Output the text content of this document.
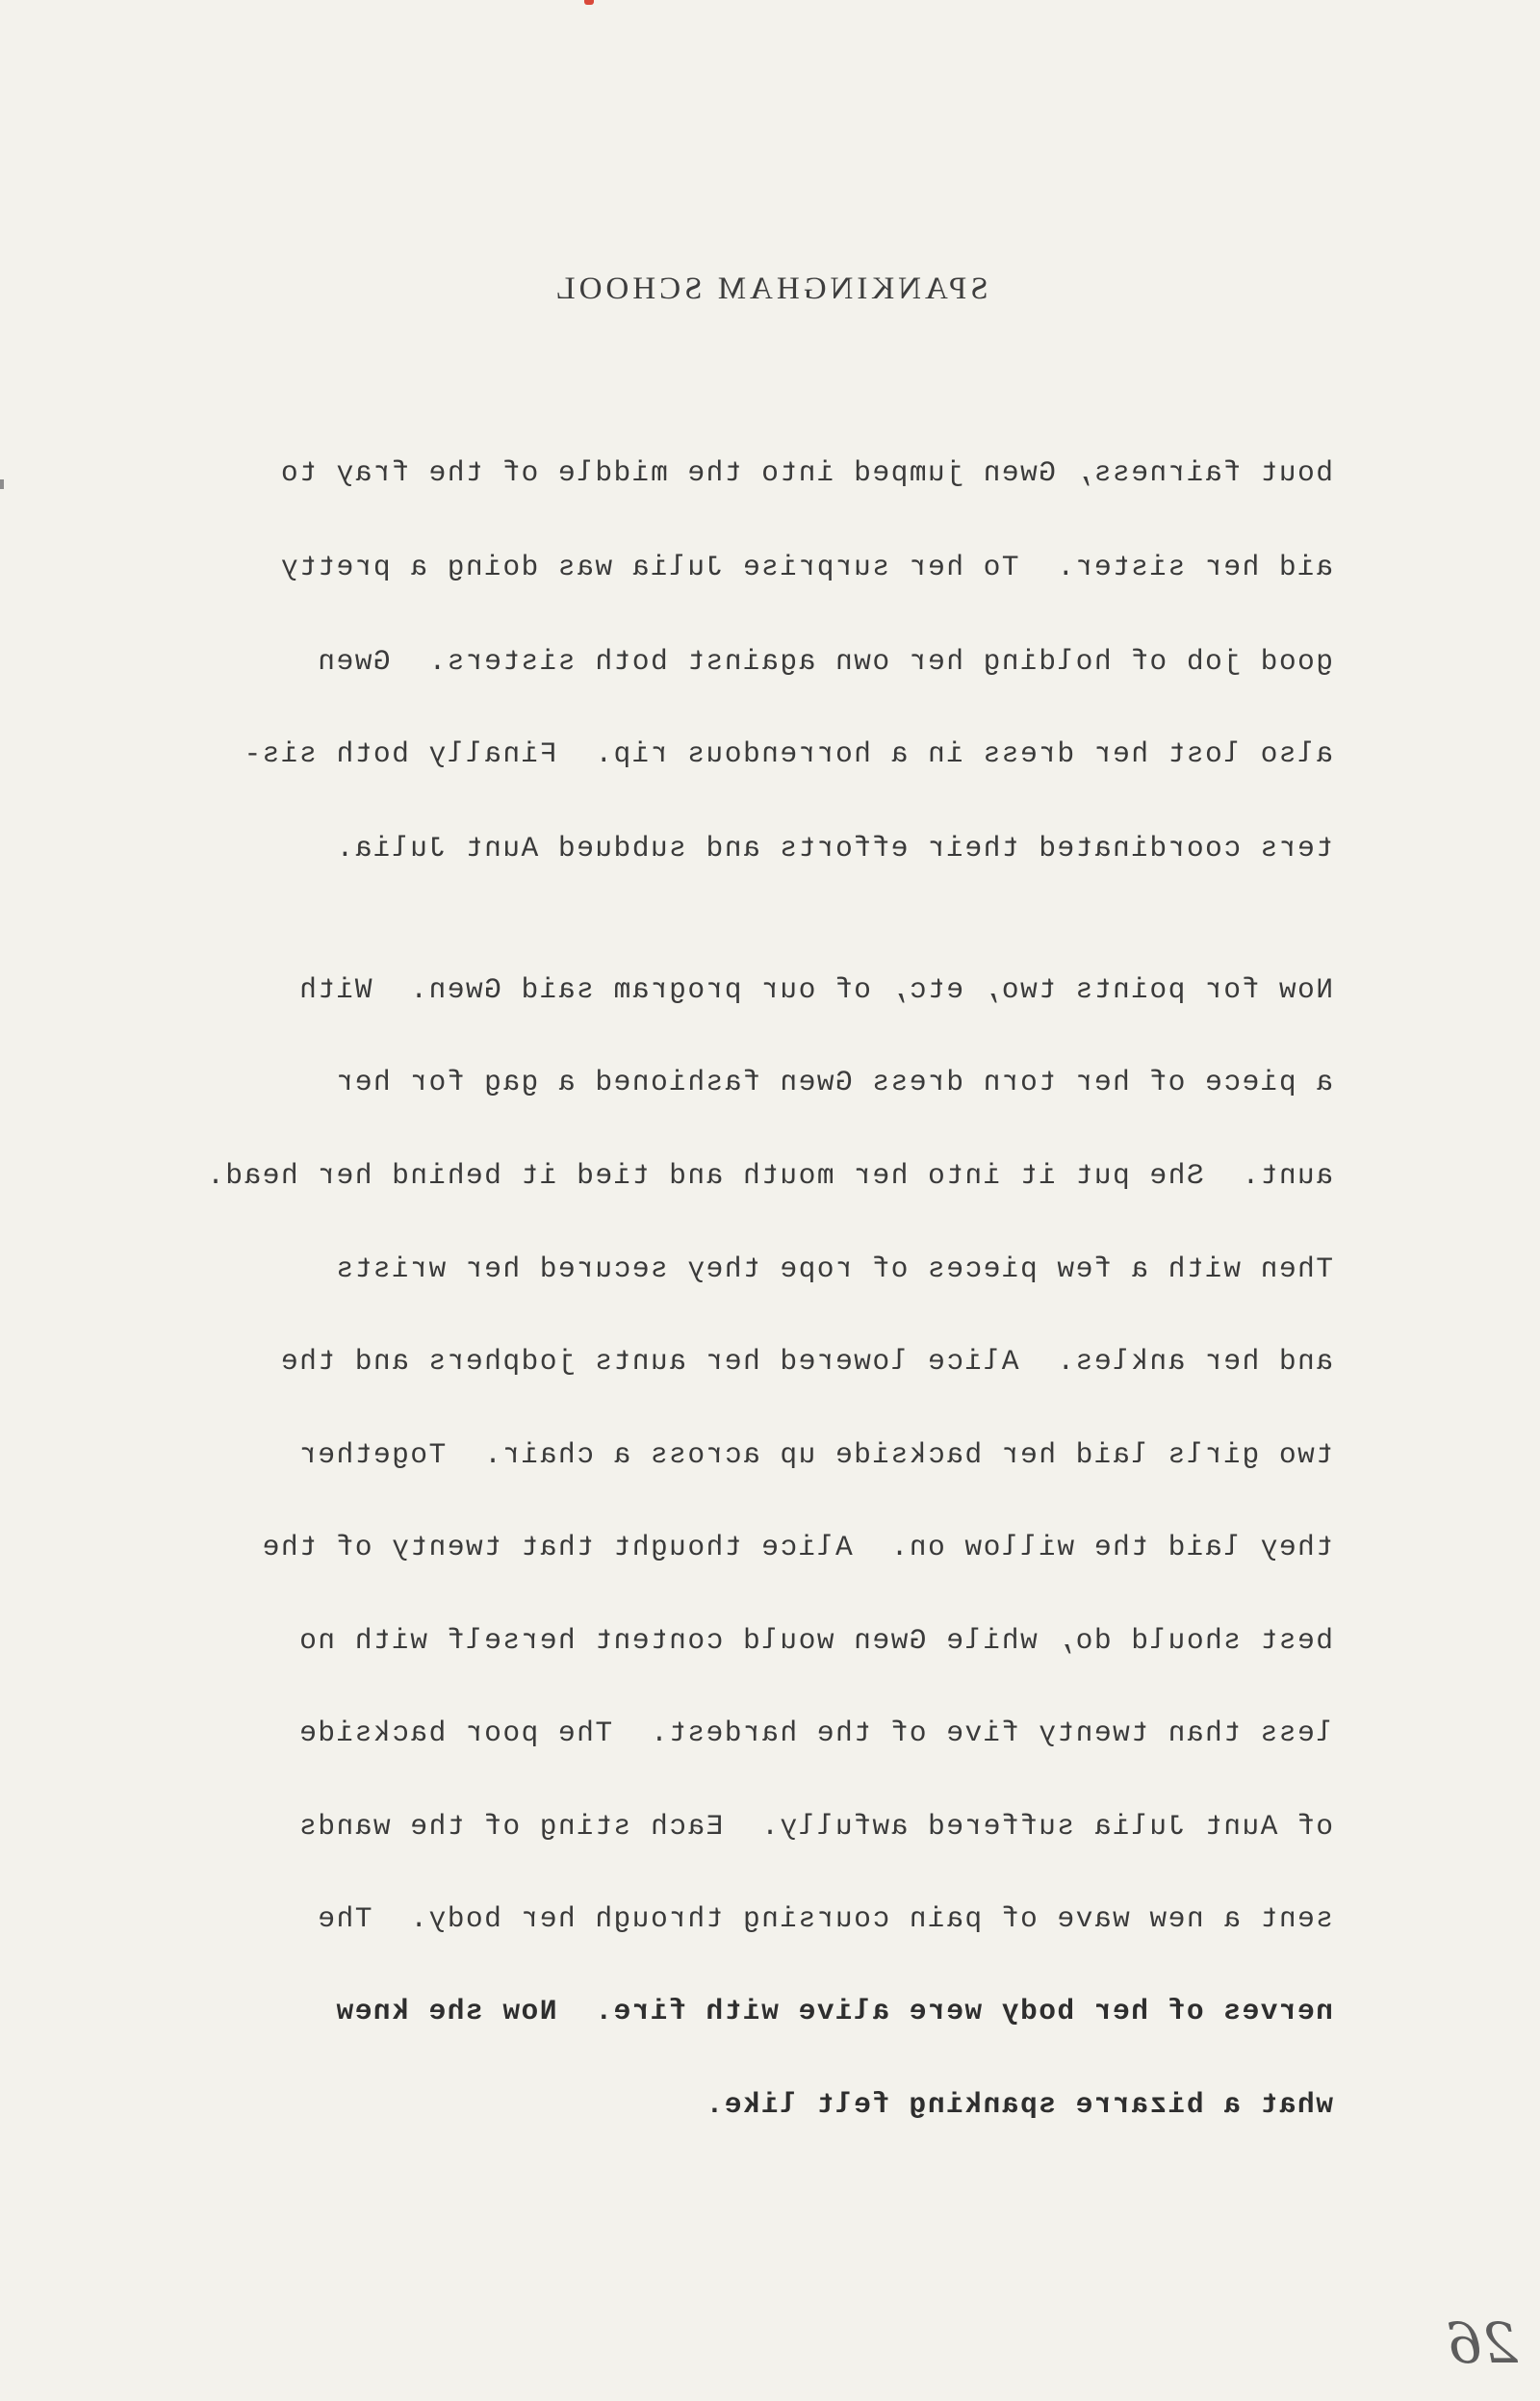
SPANKINGHAM SCHOOL

bout fairness, Gwen jumped into the middle of the fray to

aid her sister.  To her surprise Julia was doing a pretty

good job of holding her own against both sisters.  Gwen

also lost her dress in a horrendous rip.  Finally both sis-

ters coordinated their efforts and subdued Aunt Julia.

Now for points two, etc, of our program said Gwen.  With

a piece of her torn dress Gwen fashioned a gag for her

aunt.  She put it into her mouth and tied it behind her head.

Then with a few pieces of rope they secured her wrists

and her ankles.  Alice lowered her aunts jodphers and the

two girls laid her backside up across a chair.  Together

they laid the willow on.  Alice thought that twenty of the

best should do, while Gwen would content herself with no

less than twenty five of the hardest.  The poor backside

of Aunt Julia suffered awfully.  Each sting of the wands

sent a new wave of pain coursing through her body.  The

nerves of her body were alive with fire.  Now she knew

what a bizarre spanking felt like.

26
